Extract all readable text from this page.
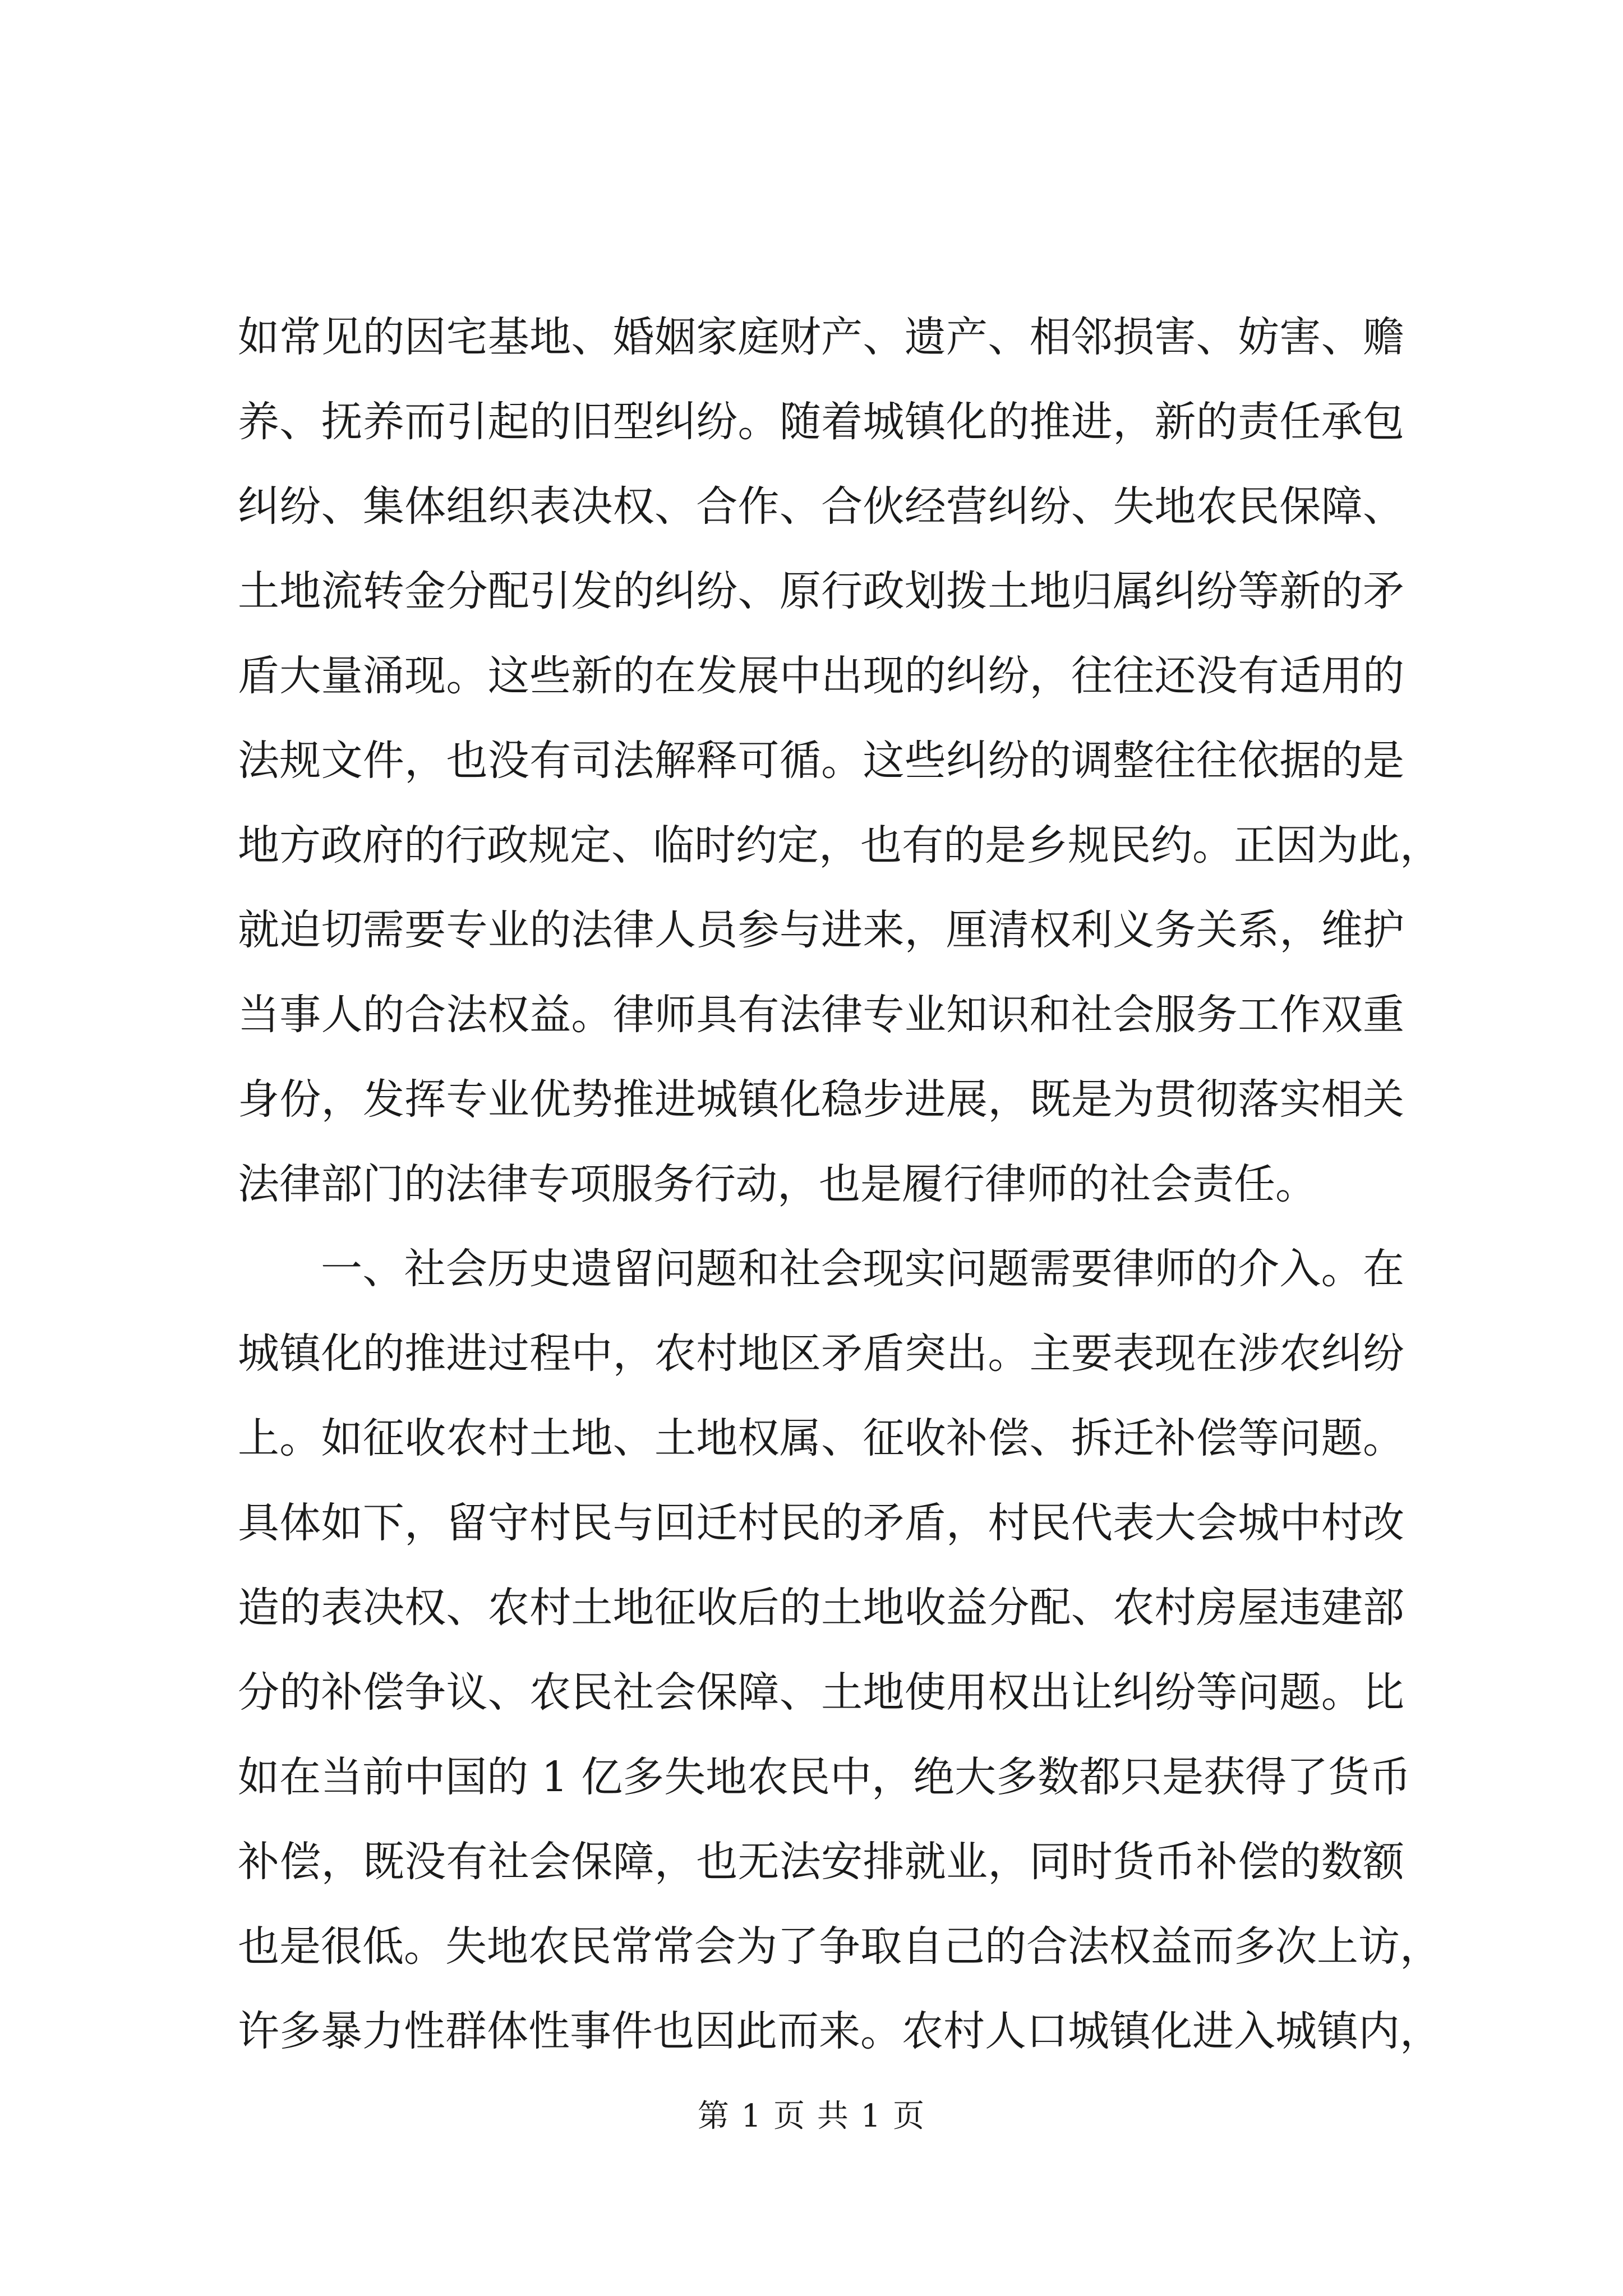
如常见的因宅基地、婚姻家庭财产、遗产、相邻损害、妨害、赡
养、抚养而引起的旧型纠纷。随着城镇化的推进，新的责任承包
纠纷、集体组织表决权、合作、合伙经营纠纷、失地农民保障、
土地流转金分配引发的纠纷、原行政划拨土地归属纠纷等新的矛
盾大量涌现。这些新的在发展中出现的纠纷，往往还没有适用的
法规文件，也没有司法解释可循。这些纠纷的调整往往依据的是
地方政府的行政规定、临时约定，也有的是乡规民约。正因为此，
就迫切需要专业的法律人员参与进来，厘清权利义务关系，维护
当事人的合法权益。律师具有法律专业知识和社会服务工作双重
身份，发挥专业优势推进城镇化稳步进展，既是为贯彻落实相关
法律部门的法律专项服务行动，也是履行律师的社会责任。
一、社会历史遗留问题和社会现实问题需要律师的介入。在
城镇化的推进过程中，农村地区矛盾突出。主要表现在涉农纠纷
上。如征收农村土地、土地权属、征收补偿、拆迁补偿等问题。
具体如下，留守村民与回迁村民的矛盾，村民代表大会城中村改
造的表决权、农村土地征收后的土地收益分配、农村房屋违建部
分的补偿争议、农民社会保障、土地使用权出让纠纷等问题。比
如在当前中国的 1 亿多失地农民中，绝大多数都只是获得了货币
补偿，既没有社会保障，也无法安排就业，同时货币补偿的数额
也是很低。失地农民常常会为了争取自己的合法权益而多次上访，
许多暴力性群体性事件也因此而来。农村人口城镇化进入城镇内，
第 1 页 共 1 页
